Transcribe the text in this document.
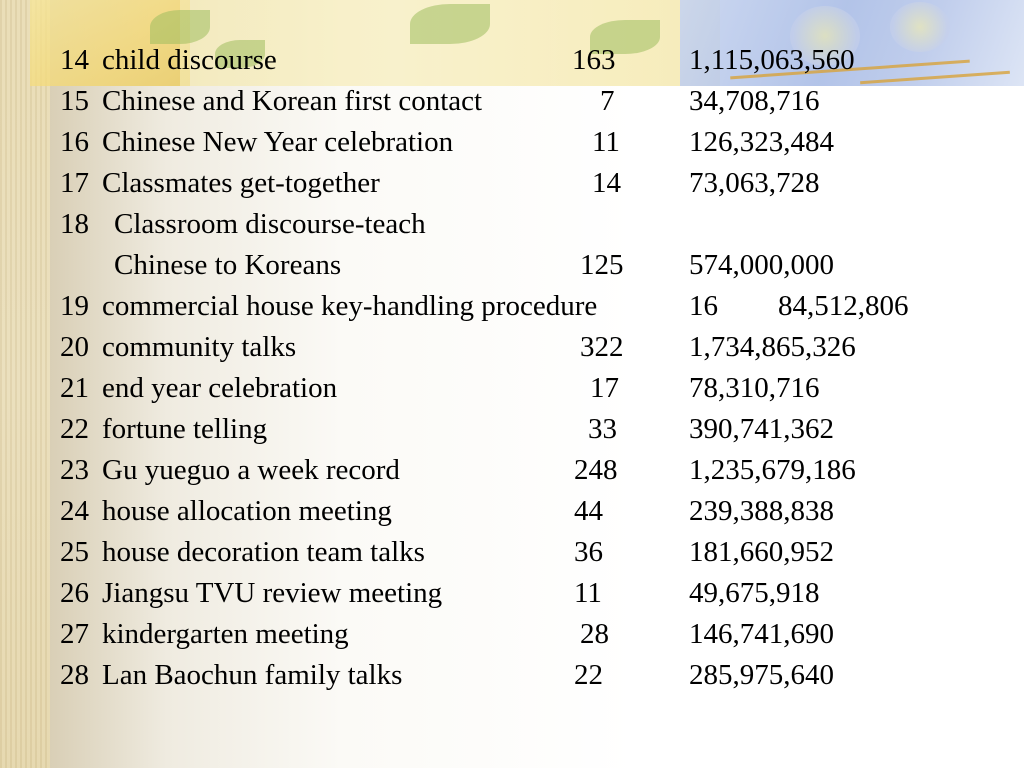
14 child discourse	163	1,115,063,560
15 Chinese and Korean first contact	7	34,708,716
16 Chinese New Year celebration	11 126,323,484
17 Classmates get-together	14 73,063,728
18 Classroom discourse-teach
Chinese to Koreans	125 574,000,000
19 commercial house key-handling procedure	16 84,512,806
20 community talks	322 1,734,865,326
21 end year celebration	17 78,310,716
22 fortune telling	33 390,741,362
23 Gu yueguo a week record	248 1,235,679,186
24 house allocation meeting	44	239,388,838
25 house decoration team talks	36	181,660,952
26 Jiangsu TVU review meeting	11	49,675,918
27 kindergarten meeting	28	146,741,690
28 Lan Baochun family talks	22	285,975,640
